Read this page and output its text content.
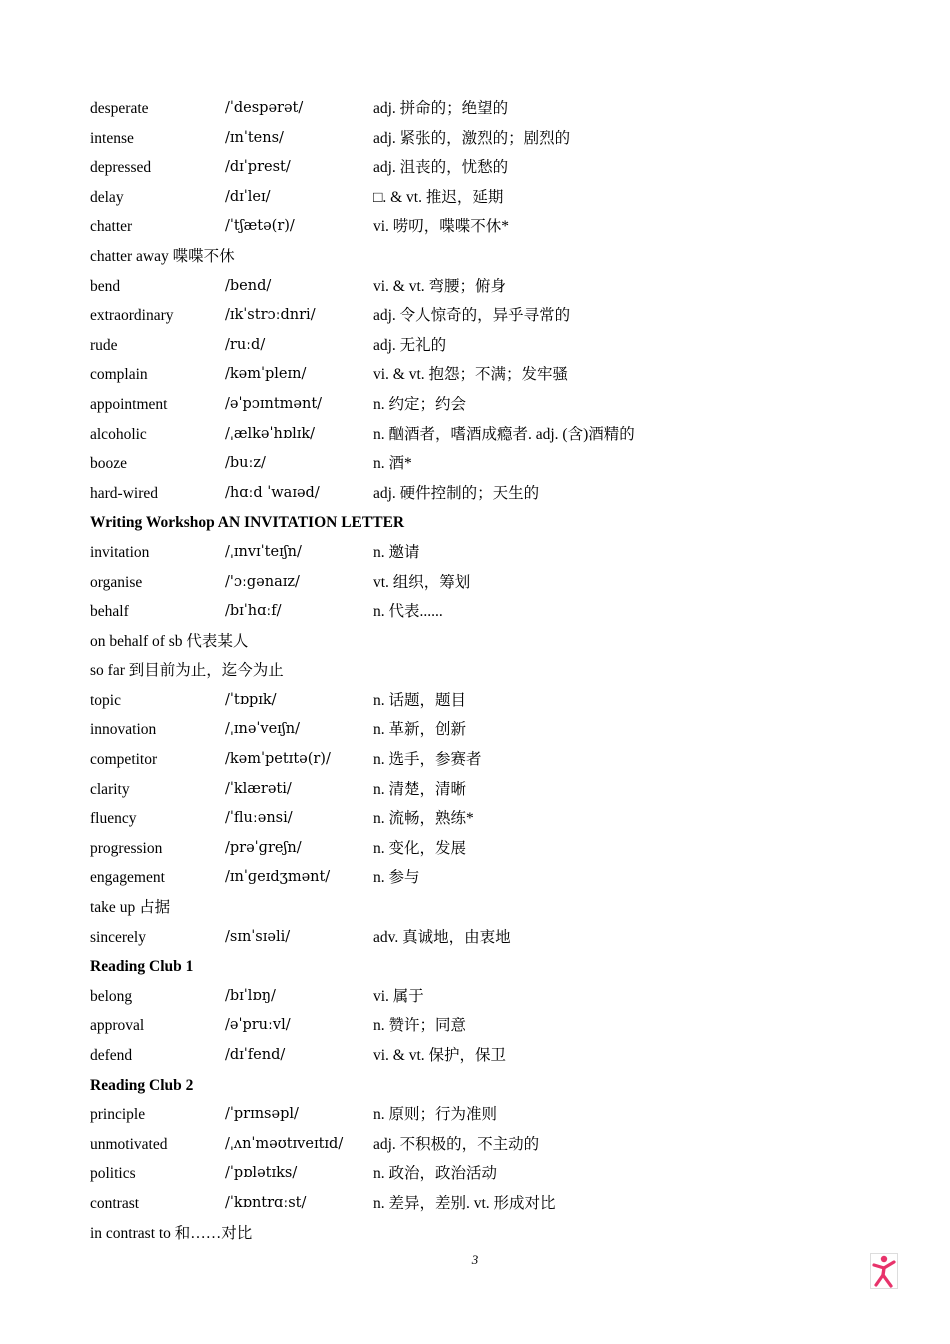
desperate	/ˈdespərət/	adj. 拼命的；绝望的
intense	/ɪnˈtens/	adj. 紧张的，激烈的；剧烈的
depressed	/dɪˈprest/	adj. 沮丧的，忧愁的
delay	/dɪˈleɪ/	□. & vt. 推迟，延期
chatter	/ˈtʃætə(r)/	vi. 唠叨，喋喋不休*
chatter away 喋喋不休
bend	/bend/	vi. & vt. 弯腰；俯身
extraordinary	/ɪkˈstrɔːdnri/	adj. 令人惊奇的，异乎寻常的
rude	/ruːd/	adj. 无礼的
complain	/kəmˈpleɪn/	vi. & vt. 抱怨；不满；发牢骚
appointment	/əˈpɔɪntmənt/	n. 约定；约会
alcoholic	/ˌælkəˈhɒlɪk/	n. 酗酒者，嗜酒成瘾者. adj. (含)酒精的
booze	/buːz/	n. 酒*
hard-wired	/hɑːd ˈwaɪəd/	adj. 硬件控制的；天生的
Writing Workshop AN INVITATION LETTER
invitation	/ˌɪnvɪˈteɪʃn/	n. 邀请
organise	/'ɔːgənaɪz/	vt. 组织，筹划
behalf	/bɪˈhɑːf/	n. 代表......
on behalf of sb 代表某人
so far 到目前为止，迄今为止
topic	/ˈtɒpɪk/	n. 话题，题目
innovation	/ˌɪnəˈveɪʃn/	n. 革新，创新
competitor	/kəmˈpetɪtə(r)/	n. 选手，参赛者
clarity	/ˈklærəti/	n. 清楚，清晰
fluency	/ˈfluːənsi/	n. 流畅，熟练*
progression	/prəˈɡreʃn/	n. 变化，发展
engagement	/ɪnˈɡeɪdʒmənt/	n. 参与
take up 占据
sincerely	/sɪnˈsɪəli/	adv. 真诚地，由衷地
Reading Club 1
belong	/bɪˈlɒŋ/	vi. 属于
approval	/əˈpruːvl/	n. 赞许；同意
defend	/dɪˈfend/	vi. & vt. 保护，保卫
Reading Club 2
principle	/ˈprɪnsəpl/	n. 原则；行为准则
unmotivated	/ˌʌnˈməʊtɪveɪtɪd/ adj. 不积极的，不主动的
politics	/ˈpɒlətɪks/	n. 政治，政治活动
contrast	/ˈkɒntrɑːst/	n. 差异，差别. vt. 形成对比
in contrast to 和……对比
3
